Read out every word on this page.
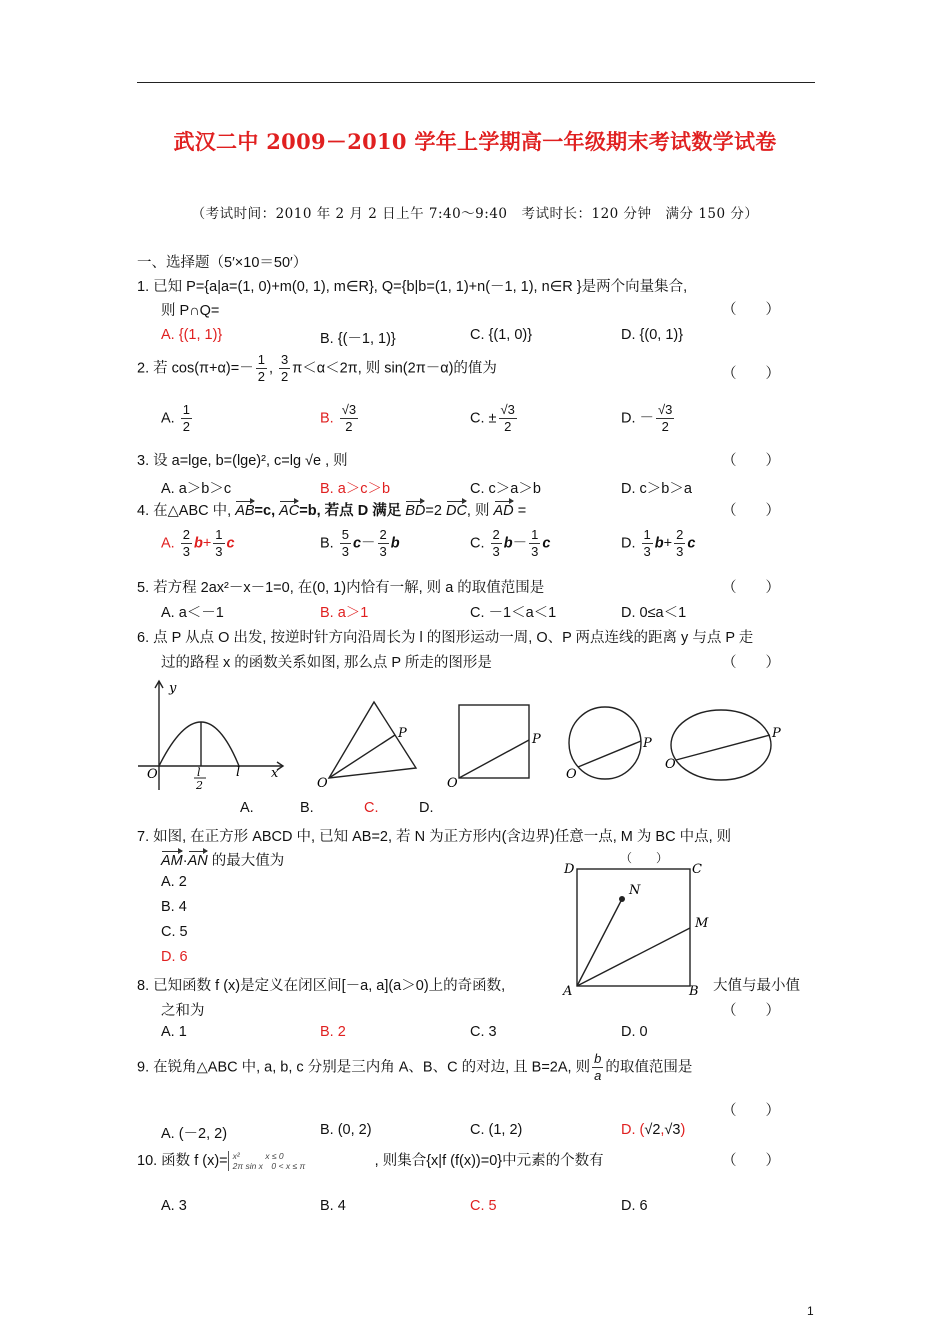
武汉二中 2009－2010 学年上学期高一年级期末考试数学试卷
（考试时间：2010 年 2 月 2 日上午 7:40～9:40　考试时长：120 分钟　满分 150 分）
一、选择题（5′×10＝50′）
1. 已知 P={a|a=(1, 0)+m(0, 1), m∈R}, Q={b|b=(1, 1)+n(－1, 1), n∈R }是两个向量集合,
（　　）
则 P∩Q=
A. {(1, 1)}	B. {(－1, 1)}	C. {(1, 0)}	D. {(0, 1)}
2. 若 $\cos(\pi+\alpha)=- \frac{1}{2}$ , $\frac{3}{2} \pi<\alpha<2\pi$, 则 sin(2π－α)的值为	（　　）
A. $\frac{1}{2}$	B. $\frac{√3}{2}$	C. ± $\frac{√3}{2}$	D. － $\frac{√3}{2}$
3. 设 a=lge, b=(lge)², c=lg √e , 则	（　　）
A. a＞b＞c	B. a＞c＞b	C. c＞a＞b	D. c＞b＞a
4. 在△ABC 中, AB=c, AC=b, 若点 D 满足 BD=2 DC, 则 AD =	（　　）
A. $\frac{2}{3} b+ \frac{1}{3}$ c	B. $\frac{5}{3} c- \frac{2}{3}$ b	C. $\frac{2}{3} b- \frac{1}{3}$ c	D. $\frac{1}{3} b+ \frac{2}{3}$ c
5. 若方程 2ax²－x－1=0, 在(0, 1)内恰有一解, 则 a 的取值范围是	（　　）
A. a＜－1	B. a＞1	C. －1＜a＜1	D. 0≤a＜1
6. 点 P 从点 O 出发, 按逆时针方向沿周长为 l 的图形运动一周, O、P 两点连线的距离 y 与点 P 走
过的路程 x 的函数关系如图, 那么点 P 所走的图形是	（　　）
y
x
O	l
2
l
O
P
O
P
O
P
O
P
A.	B.	C.	D.
7. 如图, 在正方形 ABCD 中, 已知 AB=2, 若 N 为正方形内(含边界)任意一点, M 为 BC 中点, 则
AM·AN 的最大值为	（　　）
A. 2
B. 4
C. 5
D. 6
D	C
N
M
A	B
8. 已知函数 f (x)是定义在闭区间[－a, a](a＞0)上的奇函数,	大值与最小值
之和为	（　　）
A. 1	B. 2	C. 3	D. 0
9. 在锐角△ABC 中, a, b, c 分别是三内角 A、B、C 的对边, 且 B=2A, 则 $\frac{b}{a}$ 的取值范围是
（　　）
A. (－2, 2)	B. (0, 2)	C. (1, 2)	D. (√2,√3)
10. 函数 f (x)= x²　　　x ≤ 0
2π sin x　0 < x ≤ π	, 则集合{x|f (f(x))=0}中元素的个数有	（　　）
A. 3	B. 4	C. 5	D. 6
1
